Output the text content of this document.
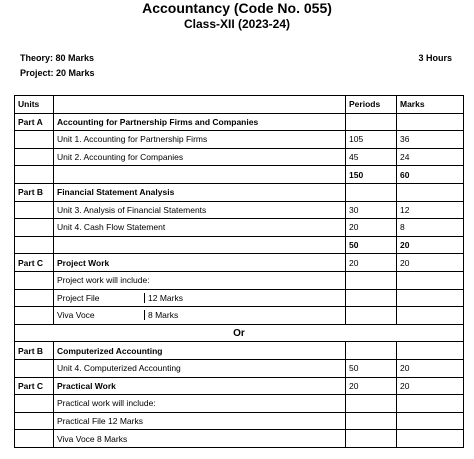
Accountancy (Code No. 055)
Class-XII (2023-24)
Theory: 80 Marks	3 Hours
Project: 20 Marks
Units		Periods	Marks
Part A	Accounting for Partnership Firms and Companies		
	Unit 1. Accounting for Partnership Firms	105	36
	Unit 2. Accounting for Companies	45	24
		150	60
Part B	Financial Statement Analysis		
	Unit 3. Analysis of Financial Statements	30	12
	Unit 4. Cash Flow Statement	20	8
		50	20
Part C	Project Work	20	20
	Project work will include:		

	Project File 12 Marks		

	Viva Voce 8 Marks		

Or			
Part B	Computerized Accounting		
	Unit 4. Computerized Accounting	50	20
Part C	Practical Work	20	20
	Practical work will include:		
	Practical File 12 Marks		
	Viva Voce 8 Marks		
